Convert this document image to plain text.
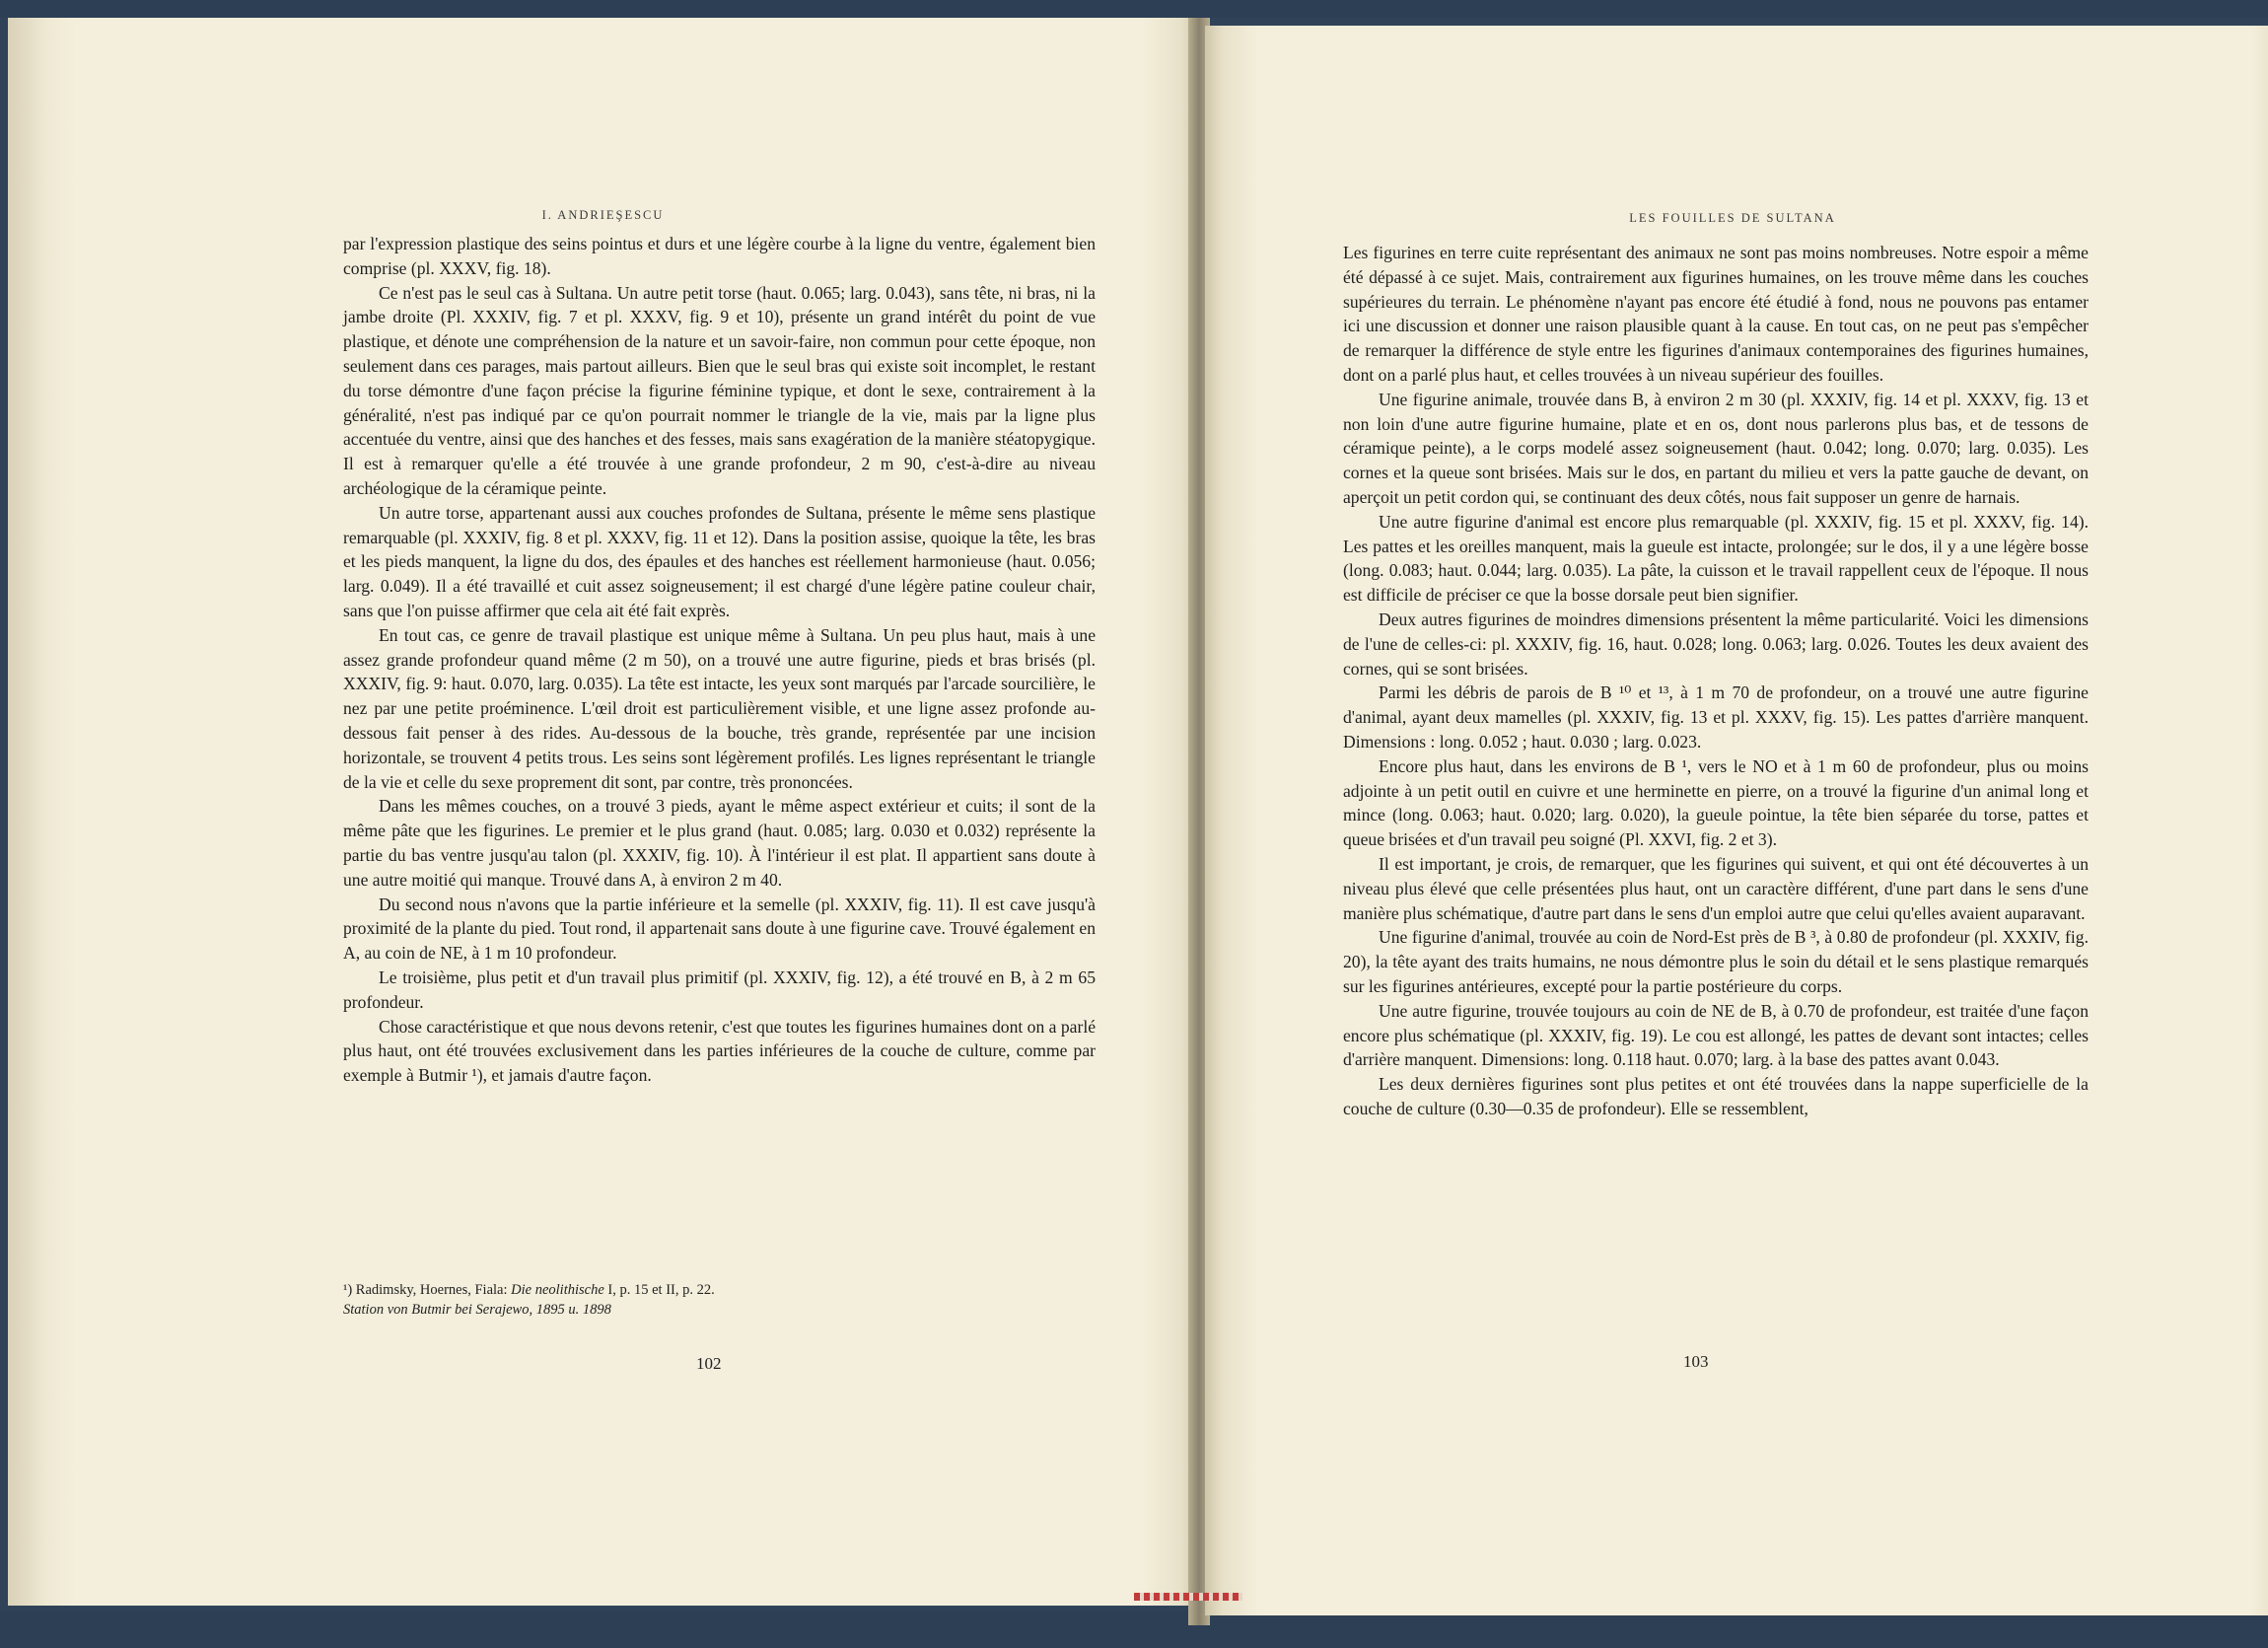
I. ANDRIEŞESCU

par l'expression plastique des seins pointus et durs et une légère courbe à la ligne du ventre, également bien comprise (pl. XXXV, fig. 18).

Ce n'est pas le seul cas à Sultana. Un autre petit torse (haut. 0.065; larg. 0.043), sans tête, ni bras, ni la jambe droite (Pl. XXXIV, fig. 7 et pl. XXXV, fig. 9 et 10), présente un grand intérêt du point de vue plastique, et dénote une compréhension de la nature et un savoir-faire, non commun pour cette époque, non seulement dans ces parages, mais partout ailleurs. Bien que le seul bras qui existe soit incomplet, le restant du torse démontre d'une façon précise la figurine féminine typique, et dont le sexe, contrairement à la généralité, n'est pas indiqué par ce qu'on pourrait nommer le triangle de la vie, mais par la ligne plus accentuée du ventre, ainsi que des hanches et des fesses, mais sans exagération de la manière stéatopygique. Il est à remarquer qu'elle a été trouvée à une grande profondeur, 2 m 90, c'est-à-dire au niveau archéologique de la céramique peinte.

Un autre torse, appartenant aussi aux couches profondes de Sultana, présente le même sens plastique remarquable (pl. XXXIV, fig. 8 et pl. XXXV, fig. 11 et 12). Dans la position assise, quoique la tête, les bras et les pieds manquent, la ligne du dos, des épaules et des hanches est réellement harmonieuse (haut. 0.056; larg. 0.049). Il a été travaillé et cuit assez soigneusement; il est chargé d'une légère patine couleur chair, sans que l'on puisse affirmer que cela ait été fait exprès.

En tout cas, ce genre de travail plastique est unique même à Sultana. Un peu plus haut, mais à une assez grande profondeur quand même (2 m 50), on a trouvé une autre figurine, pieds et bras brisés (pl. XXXIV, fig. 9: haut. 0.070, larg. 0.035). La tête est intacte, les yeux sont marqués par l'arcade sourcilière, le nez par une petite proéminence. L'œil droit est particulièrement visible, et une ligne assez profonde au-dessous fait penser à des rides. Au-dessous de la bouche, très grande, représentée par une incision horizontale, se trouvent 4 petits trous. Les seins sont légèrement profilés. Les lignes représentant le triangle de la vie et celle du sexe proprement dit sont, par contre, très prononcées.

Dans les mêmes couches, on a trouvé 3 pieds, ayant le même aspect extérieur et cuits; il sont de la même pâte que les figurines. Le premier et le plus grand (haut. 0.085; larg. 0.030 et 0.032) représente la partie du bas ventre jusqu'au talon (pl. XXXIV, fig. 10). À l'intérieur il est plat. Il appartient sans doute à une autre moitié qui manque. Trouvé dans A, à environ 2 m 40.

Du second nous n'avons que la partie inférieure et la semelle (pl. XXXIV, fig. 11). Il est cave jusqu'à proximité de la plante du pied. Tout rond, il appartenait sans doute à une figurine cave. Trouvé également en A, au coin de NE, à 1 m 10 profondeur.

Le troisième, plus petit et d'un travail plus primitif (pl. XXXIV, fig. 12), a été trouvé en B, à 2 m 65 profondeur.

Chose caractéristique et que nous devons retenir, c'est que toutes les figurines humaines dont on a parlé plus haut, ont été trouvées exclusivement dans les parties inférieures de la couche de culture, comme par exemple à Butmir ¹), et jamais d'autre façon.

¹) Radimsky, Hoernes, Fiala: Die neolithische I, p. 15 et II, p. 22.
Station von Butmir bei Serajewo, 1895 u. 1898
102
LES FOUILLES DE SULTANA

Les figurines en terre cuite représentant des animaux ne sont pas moins nombreuses. Notre espoir a même été dépassé à ce sujet. Mais, contrairement aux figurines humaines, on les trouve même dans les couches supérieures du terrain. Le phénomène n'ayant pas encore été étudié à fond, nous ne pouvons pas entamer ici une discussion et donner une raison plausible quant à la cause. En tout cas, on ne peut pas s'empêcher de remarquer la différence de style entre les figurines d'animaux contemporaines des figurines humaines, dont on a parlé plus haut, et celles trouvées à un niveau supérieur des fouilles.

Une figurine animale, trouvée dans B, à environ 2 m 30 (pl. XXXIV, fig. 14 et pl. XXXV, fig. 13 et non loin d'une autre figurine humaine, plate et en os, dont nous parlerons plus bas, et de tessons de céramique peinte), a le corps modelé assez soigneusement (haut. 0.042; long. 0.070; larg. 0.035). Les cornes et la queue sont brisées. Mais sur le dos, en partant du milieu et vers la patte gauche de devant, on aperçoit un petit cordon qui, se continuant des deux côtés, nous fait supposer un genre de harnais.

Une autre figurine d'animal est encore plus remarquable (pl. XXXIV, fig. 15 et pl. XXXV, fig. 14). Les pattes et les oreilles manquent, mais la gueule est intacte, prolongée; sur le dos, il y a une légère bosse (long. 0.083; haut. 0.044; larg. 0.035). La pâte, la cuisson et le travail rappellent ceux de l'époque. Il nous est difficile de préciser ce que la bosse dorsale peut bien signifier.

Deux autres figurines de moindres dimensions présentent la même particularité. Voici les dimensions de l'une de celles-ci: pl. XXXIV, fig. 16, haut. 0.028; long. 0.063; larg. 0.026. Toutes les deux avaient des cornes, qui se sont brisées.

Parmi les débris de parois de B ¹⁰ et ¹³, à 1 m 70 de profondeur, on a trouvé une autre figurine d'animal, ayant deux mamelles (pl. XXXIV, fig. 13 et pl. XXXV, fig. 15). Les pattes d'arrière manquent. Dimensions : long. 0.052 ; haut. 0.030 ; larg. 0.023.

Encore plus haut, dans les environs de B ¹, vers le NO et à 1 m 60 de profondeur, plus ou moins adjointe à un petit outil en cuivre et une herminette en pierre, on a trouvé la figurine d'un animal long et mince (long. 0.063; haut. 0.020; larg. 0.020), la gueule pointue, la tête bien séparée du torse, pattes et queue brisées et d'un travail peu soigné (Pl. XXVI, fig. 2 et 3).

Il est important, je crois, de remarquer, que les figurines qui suivent, et qui ont été découvertes à un niveau plus élevé que celle présentées plus haut, ont un caractère différent, d'une part dans le sens d'une manière plus schématique, d'autre part dans le sens d'un emploi autre que celui qu'elles avaient auparavant.

Une figurine d'animal, trouvée au coin de Nord-Est près de B ³, à 0.80 de profondeur (pl. XXXIV, fig. 20), la tête ayant des traits humains, ne nous démontre plus le soin du détail et le sens plastique remarqués sur les figurines antérieures, excepté pour la partie postérieure du corps.

Une autre figurine, trouvée toujours au coin de NE de B, à 0.70 de profondeur, est traitée d'une façon encore plus schématique (pl. XXXIV, fig. 19). Le cou est allongé, les pattes de devant sont intactes; celles d'arrière manquent. Dimensions: long. 0.118 haut. 0.070; larg. à la base des pattes avant 0.043.

Les deux dernières figurines sont plus petites et ont été trouvées dans la nappe superficielle de la couche de culture (0.30—0.35 de profondeur). Elle se ressemblent,

103
